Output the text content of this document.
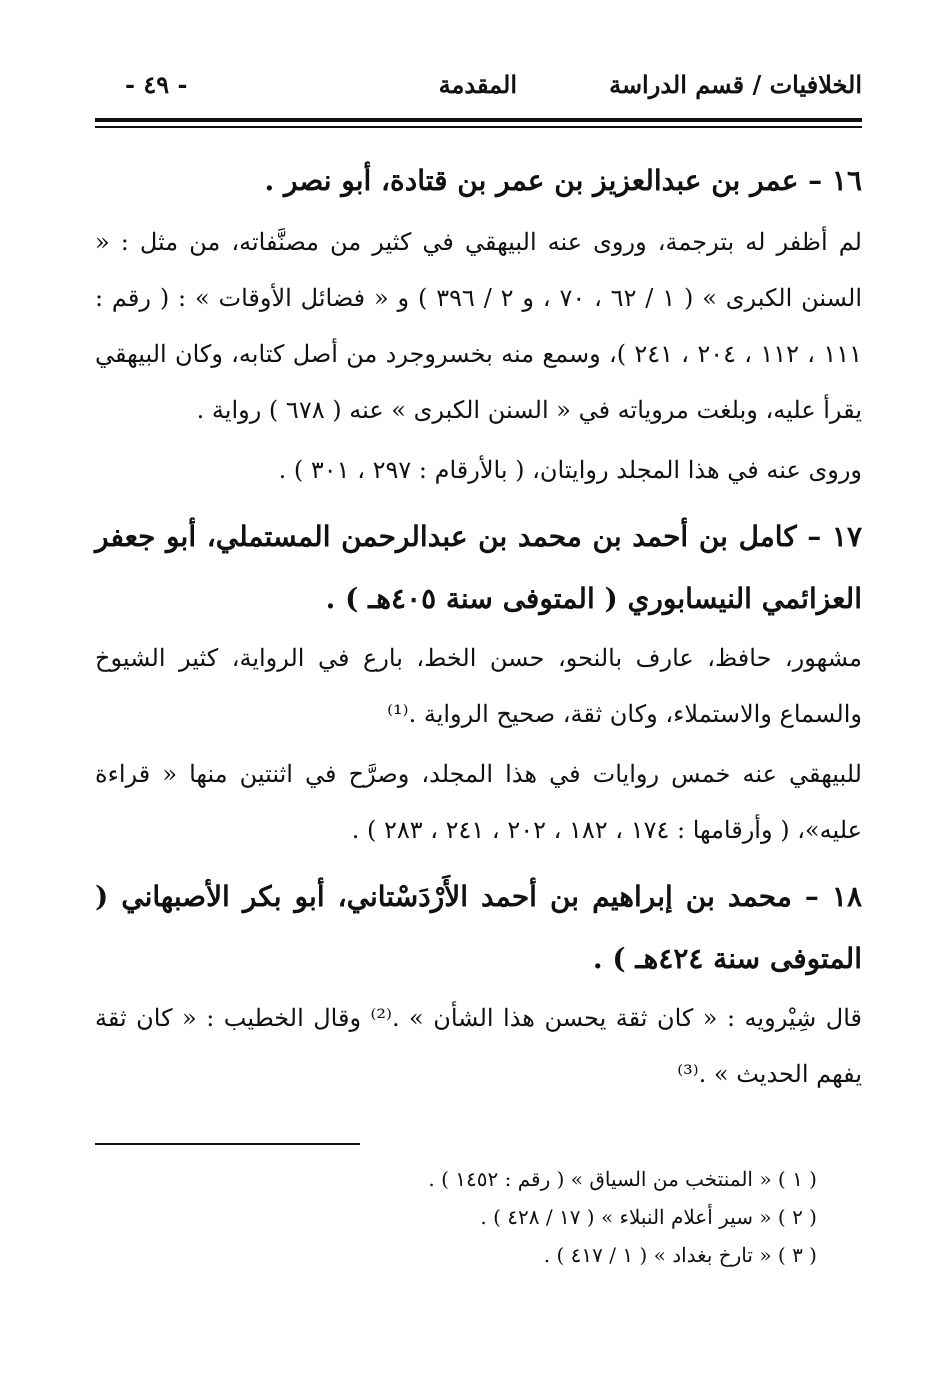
الخلافيات / قسم الدراسة
المقدمة
- ٤٩ -
١٦ – عمر بن عبدالعزيز بن عمر بن قتادة، أبو نصر .
لم أظفر له بترجمة، وروى عنه البيهقي في كثير من مصنَّفاته، من مثل : « السنن الكبرى » ( ١ / ٦٢ ، ٧٠ ، و ٢ / ٣٩٦ ) و « فضائل الأوقات » : ( رقم : ١١١ ، ١١٢ ، ٢٠٤ ، ٢٤١ )، وسمع منه بخسروجرد من أصل كتابه، وكان البيهقي يقرأ عليه، وبلغت مروياته في « السنن الكبرى » عنه ( ٦٧٨ ) رواية .
وروى عنه في هذا المجلد روايتان، ( بالأرقام : ٢٩٧ ، ٣٠١ ) .
١٧ – كامل بن أحمد بن محمد بن عبدالرحمن المستملي، أبو جعفر العزائمي النيسابوري ( المتوفى سنة ٤٠٥هـ ) .
مشهور، حافظ، عارف بالنحو، حسن الخط، بارع في الرواية، كثير الشيوخ والسماع والاستملاء، وكان ثقة، صحيح الرواية .⁽¹⁾
للبيهقي عنه خمس روايات في هذا المجلد، وصرَّح في اثنتين منها « قراءة عليه»، ( وأرقامها : ١٧٤ ، ١٨٢ ، ٢٠٢ ، ٢٤١ ، ٢٨٣ ) .
١٨ – محمد بن إبراهيم بن أحمد الأَرْدَسْتاني، أبو بكر الأصبهاني ( المتوفى سنة ٤٢٤هـ ) .
قال شِيْرويه : « كان ثقة يحسن هذا الشأن » .⁽²⁾ وقال الخطيب : « كان ثقة يفهم الحديث » .⁽³⁾
( ١ ) « المنتخب من السياق » ( رقم : ١٤٥٢ ) .
( ٢ ) « سير أعلام النبلاء » ( ١٧ / ٤٢٨ ) .
( ٣ ) « تارخ بغداد » ( ١ / ٤١٧ ) .
